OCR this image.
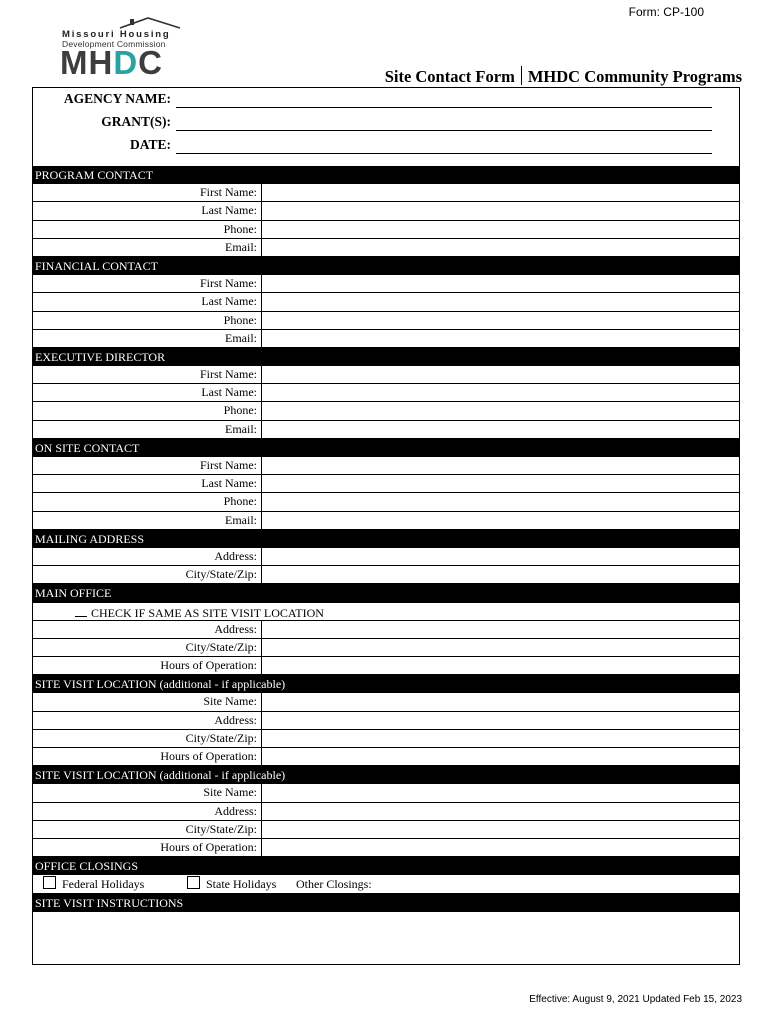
Form: CP-100
Missouri Housing
Development Commission
MHDC	Site Contact Form MHDC Community Programs
AGENCY NAME:
GRANT(S):
DATE:
PROGRAM CONTACT
First Name:
Last Name:
Phone:
Email:
FINANCIAL CONTACT
First Name:
Last Name:
Phone:
Email:
EXECUTIVE DIRECTOR
First Name:
Last Name:
Phone:
Email:
ON SITE CONTACT
First Name:
Last Name:
Phone:
Email:
MAILING ADDRESS
Address:
City/State/Zip:
MAIN OFFICE
CHECK IF SAME AS SITE VISIT LOCATION
Address:
City/State/Zip:
Hours of Operation:
SITE VISIT LOCATION (additional - if applicable)
Site Name:
Address:
City/State/Zip:
Hours of Operation:
SITE VISIT LOCATION (additional - if applicable)
Site Name:
Address:
City/State/Zip:
Hours of Operation:
OFFICE CLOSINGS
Federal Holidays	State Holidays Other Closings:
SITE VISIT INSTRUCTIONS
Effective: August 9, 2021 Updated Feb 15, 2023
